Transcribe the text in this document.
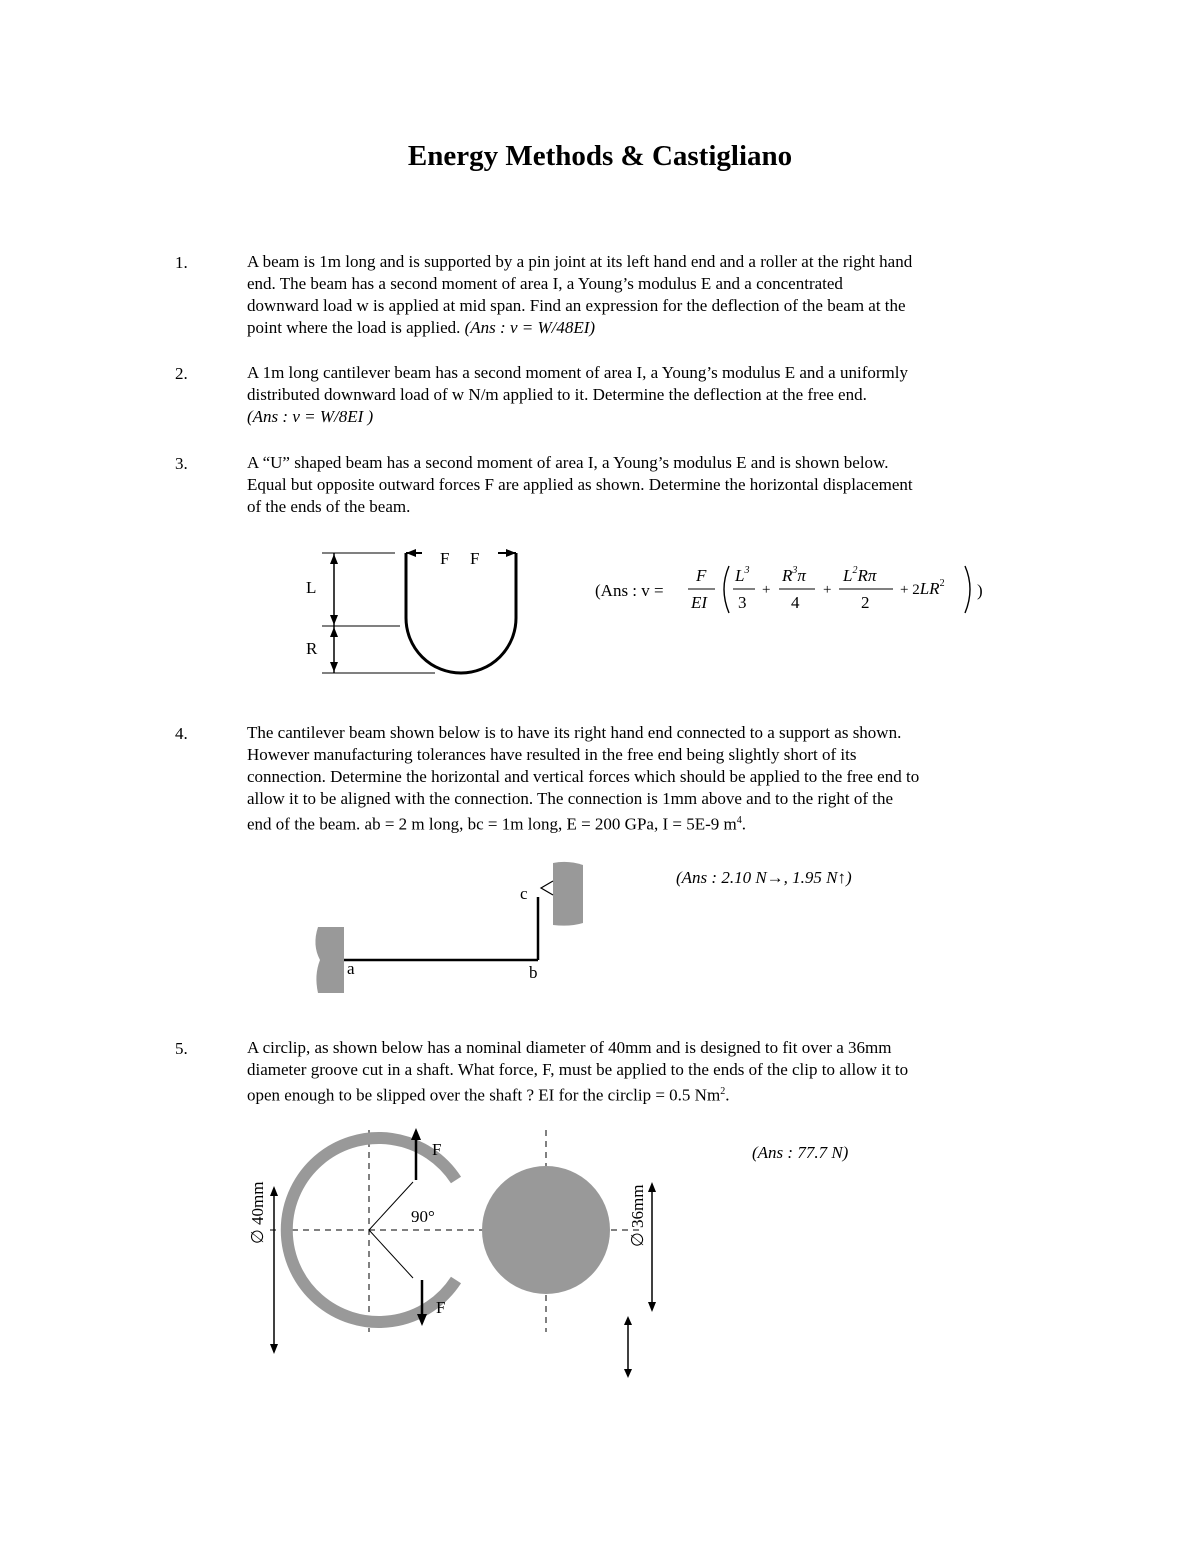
Energy Methods & Castigliano
1.	A beam is 1m long and is supported by a pin joint at its left hand end and a roller at the right hand
end. The beam has a second moment of area I, a Young’s modulus E and a concentrated
downward load w is applied at mid span. Find an expression for the deflection of the beam at the
point where the load is applied. (Ans : v = W/48EI)
2.	A 1m long cantilever beam has a second moment of area I, a Young’s modulus E and a uniformly
distributed downward load of w N/m applied to it. Determine the deflection at the free end.
(Ans : v = W/8EI )
3.	A “U” shaped beam has a second moment of area I, a Young’s modulus E and is shown below.
Equal but opposite outward forces F are applied as shown. Determine the horizontal displacement
of the ends of the beam.
L
R
F F
(Ans : v =
F
EI
$L^3$
3
+
$R^3\pi$
4
+
$L^2R\pi$
2
+ $2LR^2$ )
4.	The cantilever beam shown below is to have its right hand end connected to a support as shown.
However manufacturing tolerances have resulted in the free end being slightly short of its
connection. Determine the horizontal and vertical forces which should be applied to the free end to
allow it to be aligned with the connection. The connection is 1mm above and to the right of the
end of the beam. ab = 2 m long, bc = 1m long, E = 200 GPa, I = 5E-9 $m^4$.
a	b
c
(Ans : 2.10 N→, 1.95 N↑)
5.	A circlip, as shown below has a nominal diameter of 40mm and is designed to fit over a 36mm
diameter groove cut in a shaft. What force, F, must be applied to the ends of the clip to allow it to
open enough to be slipped over the shaft ? EI for the circlip = 0.5 Nm$^2$.
90°
F
F
∅ 40mm	∅ 36mm
(Ans : 77.7 N)
